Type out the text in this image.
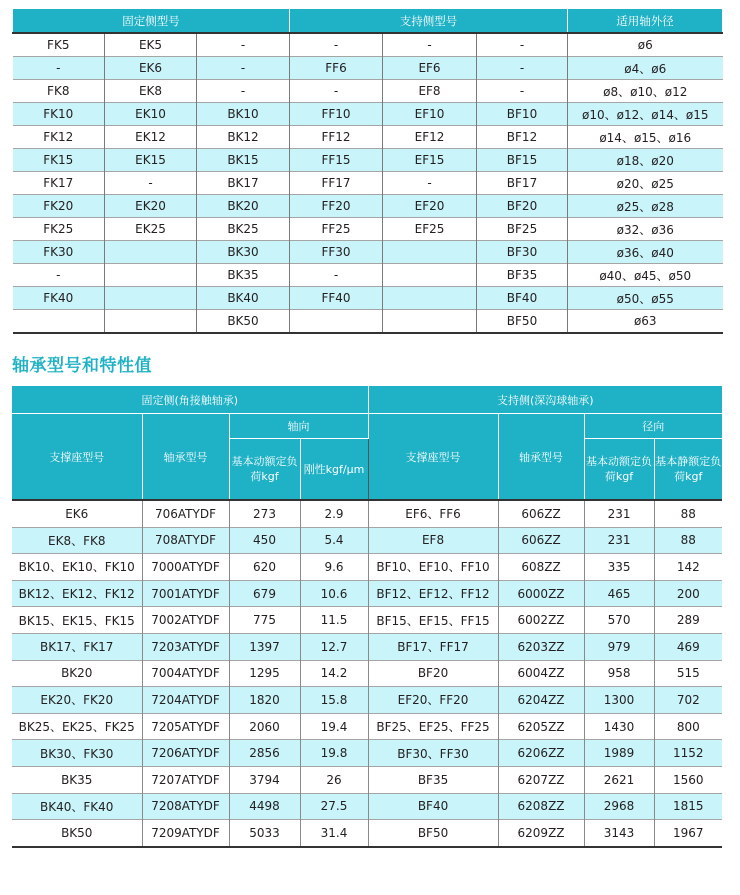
固定侧型号			支持侧型号			适用轴外径
FK5	EK5	-	-	-	-	ø6
-	EK6	-	FF6	EF6	-	ø4、ø6
FK8	EK8	-	-	EF8	-	ø8、ø10、ø12
FK10	EK10	BK10	FF10	EF10	BF10	ø10、ø12、ø14、ø15
FK12	EK12	BK12	FF12	EF12	BF12	ø14、ø15、ø16
FK15	EK15	BK15	FF15	EF15	BF15	ø18、ø20
FK17	-	BK17	FF17	-	BF17	ø20、ø25
FK20	EK20	BK20	FF20	EF20	BF20	ø25、ø28
FK25	EK25	BK25	FF25	EF25	BF25	ø32、ø36
FK30		BK30	FF30		BF30	ø36、ø40
-		BK35	-		BF35	ø40、ø45、ø50
FK40		BK40	FF40		BF40	ø50、ø55
		BK50			BF50	ø63
轴承型号和特性值
固定侧(角接触轴承)				支持侧(深沟球轴承)			
支撑座型号	轴承型号	轴向		支撑座型号	轴承型号	径向	
		基本动额定负荷kgf	刚性kgf/μm			基本动额定负荷kgf	基本静额定负荷kgf
EK6	706ATYDF	273	2.9	EF6、FF6	606ZZ	231	88
EK8、FK8	708ATYDF	450	5.4	EF8	606ZZ	231	88
BK10、EK10、FK10	7000ATYDF	620	9.6	BF10、EF10、FF10	608ZZ	335	142
BK12、EK12、FK12	7001ATYDF	679	10.6	BF12、EF12、FF12	6000ZZ	465	200
BK15、EK15、FK15	7002ATYDF	775	11.5	BF15、EF15、FF15	6002ZZ	570	289
BK17、FK17	7203ATYDF	1397	12.7	BF17、FF17	6203ZZ	979	469
BK20	7004ATYDF	1295	14.2	BF20	6004ZZ	958	515
EK20、FK20	7204ATYDF	1820	15.8	EF20、FF20	6204ZZ	1300	702
BK25、EK25、FK25	7205ATYDF	2060	19.4	BF25、EF25、FF25	6205ZZ	1430	800
BK30、FK30	7206ATYDF	2856	19.8	BF30、FF30	6206ZZ	1989	1152
BK35	7207ATYDF	3794	26	BF35	6207ZZ	2621	1560
BK40、FK40	7208ATYDF	4498	27.5	BF40	6208ZZ	2968	1815
BK50	7209ATYDF	5033	31.4	BF50	6209ZZ	3143	1967
